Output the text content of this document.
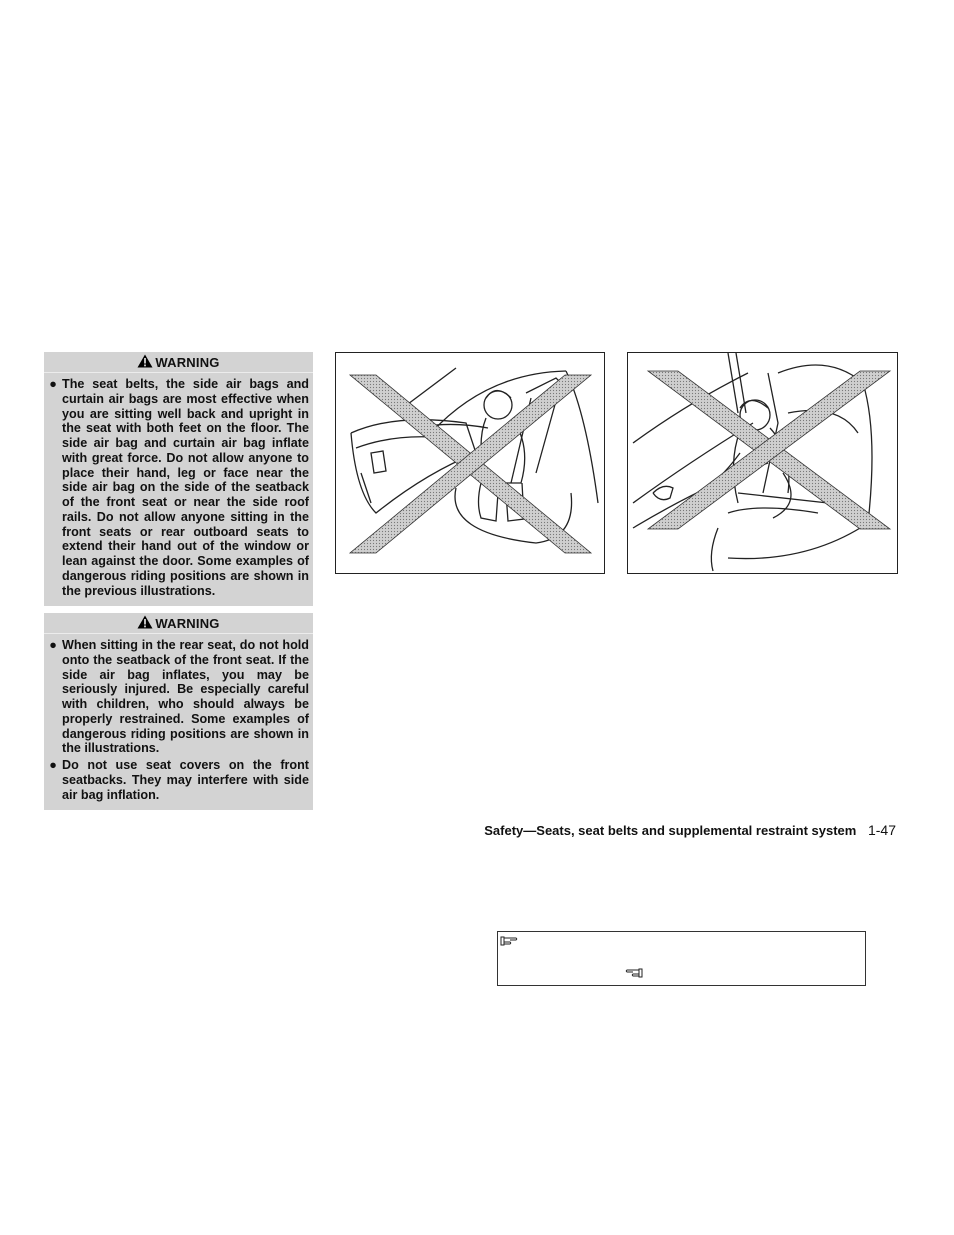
WARNING
● The seat belts, the side air bags and curtain air bags are most effective when you are sitting well back and upright in the seat with both feet on the floor. The side air bag and curtain air bag inflate with great force. Do not allow anyone to place their hand, leg or face near the side air bag on the side of the seatback of the front seat or near the side roof rails. Do not allow anyone sitting in the front seats or rear outboard seats to extend their hand out of the window or lean against the door. Some examples of dangerous riding positions are shown in the previous illustrations.
WARNING
● When sitting in the rear seat, do not hold onto the seatback of the front seat. If the side air bag inflates, you may be seriously injured. Be especially careful with children, who should always be properly restrained. Some examples of dangerous riding positions are shown in the illustrations.
● Do not use seat covers on the front seatbacks. They may interfere with side air bag inflation.
Safety—Seats, seat belts and supplemental restraint system 1-47
